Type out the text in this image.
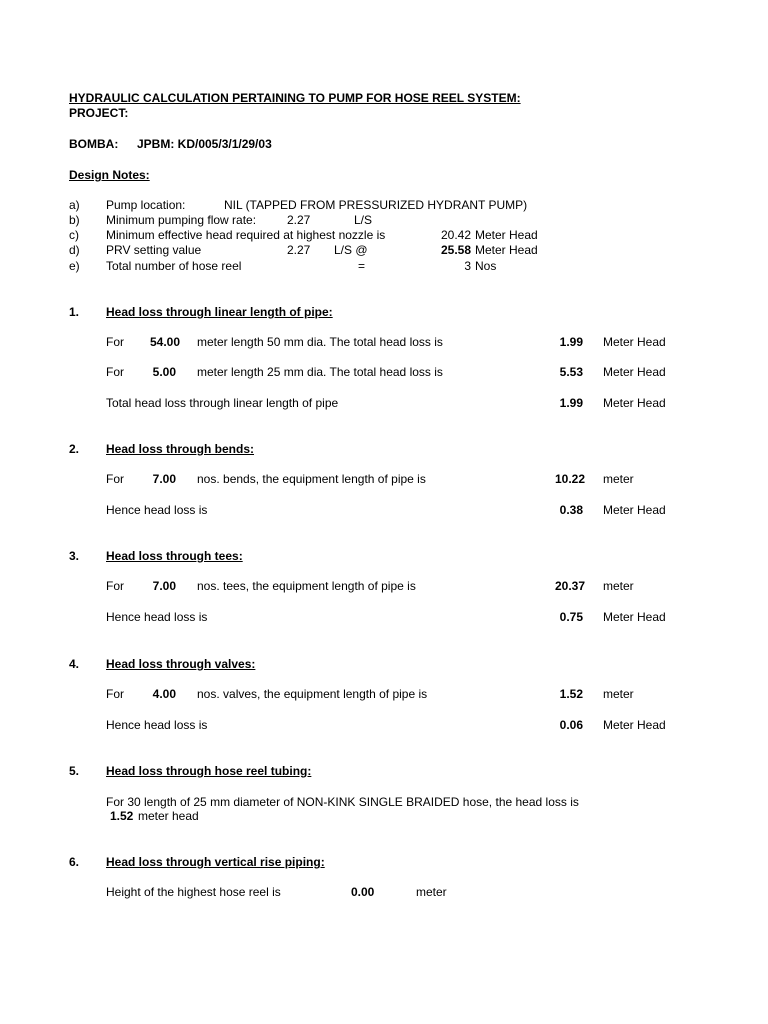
HYDRAULIC CALCULATION PERTAINING TO PUMP FOR HOSE REEL SYSTEM:
PROJECT:
BOMBA: JPBM: KD/005/3/1/29/03
Design Notes:
a) Pump location:	NIL (TAPPED FROM PRESSURIZED HYDRANT PUMP)
b) Minimum pumping flow rate:	2.27	L/S
c) Minimum effective head required at highest nozzle is	20.42 Meter Head
d) PRV setting value	2.27 L/S @	25.58 Meter Head
e) Total number of hose reel	=	3 Nos
1. Head loss through linear length of pipe:
For	54.00 meter length 50 mm dia. The total head loss is	1.99 Meter Head
For	5.00 meter length 25 mm dia. The total head loss is	5.53 Meter Head
Total head loss through linear length of pipe	1.99 Meter Head
2. Head loss through bends:
For	7.00 nos. bends, the equipment length of pipe is	10.22 meter
Hence head loss is	0.38 Meter Head
3. Head loss through tees:
For	7.00 nos. tees, the equipment length of pipe is	20.37 meter
Hence head loss is	0.75 Meter Head
4. Head loss through valves:
For	4.00 nos. valves, the equipment length of pipe is	1.52 meter
Hence head loss is	0.06 Meter Head
5. Head loss through hose reel tubing:
For 30 length of 25 mm diameter of NON-KINK SINGLE BRAIDED hose, the head loss is
1.52 meter head
6. Head loss through vertical rise piping:
Height of the highest hose reel is	0.00	meter
